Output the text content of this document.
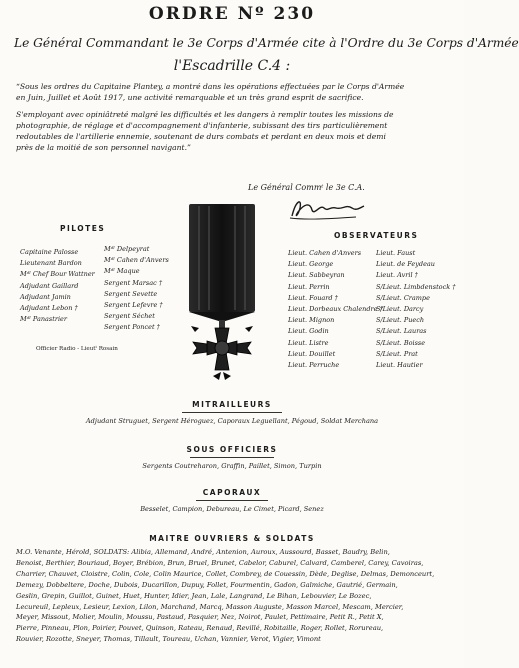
ORDRE Nº 230
Le Général Commandant le 3e Corps d'Armée cite à l'Ordre du 3e Corps d'Armée
l'Escadrille C.4 :
“Sous les ordres du Capitaine Plantey, a montré dans les opérations effectuées par le Corps d'Armée
en Juin, Juillet et Août 1917, une activité remarquable et un très grand esprit de sacrifice.
S'employant avec opiniâtreté malgré les difficultés et les dangers à remplir toutes les missions de
photographie, de réglage et d'accompagnement d'infanterie, subissant des tirs particulièrement
redoutables de l'artillerie ennemie, soutenant de durs combats et perdant en deux mois et demi
près de la moitié de son personnel navigant.”
Le Général Commᵗ le 3e C.A.
PILOTES
Capitaine Palosse
Lieutenant Bardon
Mᵈˡ Chef Bour Wattner
Adjudant Gaillard
Adjudant Jamin
Adjudant Lebon †
Mᵈˡ Panastrier
Mᵈˡ Delpeyrat
Mᵈˡ Cahen d'Anvers
Mᵈˡ Maque
Sergent Marsac †
Sergent Sevette
Sergent Lefevre †
Sergent Séchet
Sergent Poncet †
Officier Radio - Lieutᵗ Rosain
OBSERVATEURS
Lieut. Cahen d'Anvers
Lieut. George
Lieut. Sabbeyran
Lieut. Perrin
Lieut. Fouard †
Lieut. Dorbeaux Chalendre †
Lieut. Mignon
Lieut. Godin
Lieut. Listre
Lieut. Douillet
Lieut. Perruche
Lieut. Faust
Lieut. de Feydeau
Lieut. Avril †
S/Lieut. Limbdenstock †
S/Lieut. Crampe
S/Lieut. Darcy
S/Lieut. Puech
S/Lieut. Lauras
S/Lieut. Boisse
S/Lieut. Prat
Lieut. Hautier
MITRAILLEURS
Adjudant Struguet, Sergent Héroguez, Caporaux Leguellant, Pégoud, Soldat Merchana
SOUS OFFICIERS
Sergents Coutreharon, Graffin, Paillet, Simon, Turpin
CAPORAUX
Besselet, Campion, Debureau, Le Cimet, Picard, Senez
MAITRE OUVRIERS & SOLDATS
M.O. Venante, Hérold, SOLDATS: Alibia, Allemand, André, Antenion, Auroux, Aussourd, Basset, Baudry, Belin,
Benoist, Berthier, Bouriaud, Boyer, Brébion, Brun, Bruel, Brunet, Cabelor, Caburel, Calvard, Camberel, Carey, Cavoiras,
Charrier, Chauvet, Cloistre, Colin, Cole, Colin Maurice, Collet, Combrey, de Couessin, Dède, Deglise, Delmas, Demonceurt,
Demezy, Dobbeltere, Doche, Dubois, Ducarillon, Dupuy, Follet, Fourmentin, Gadon, Galmiche, Gautrié, Germain,
Geslin, Grepin, Guillot, Guinet, Huet, Hunter, Idier, Jean, Lale, Langrand, Le Bihan, Lebouvier, Le Bozec,
Lecureuil, Lepleux, Lesieur, Lexion, Lilon, Marchand, Marcq, Masson Auguste, Masson Marcel, Mescam, Mercier,
Meyer, Missout, Molier, Moulin, Moussu, Pastaud, Pasquier, Nez, Noirot, Paulet, Pettimaire, Petit R., Petit X,
Pierre, Pinneau, Plon, Poirier, Pouvet, Quinson, Rateau, Renaud, Revillé, Robitaille, Roger, Rollet, Rorureau,
Rouvier, Rozotte, Sneyer, Thomas, Tillault, Toureau, Uchan, Vannier, Verot, Vigier, Vimont
